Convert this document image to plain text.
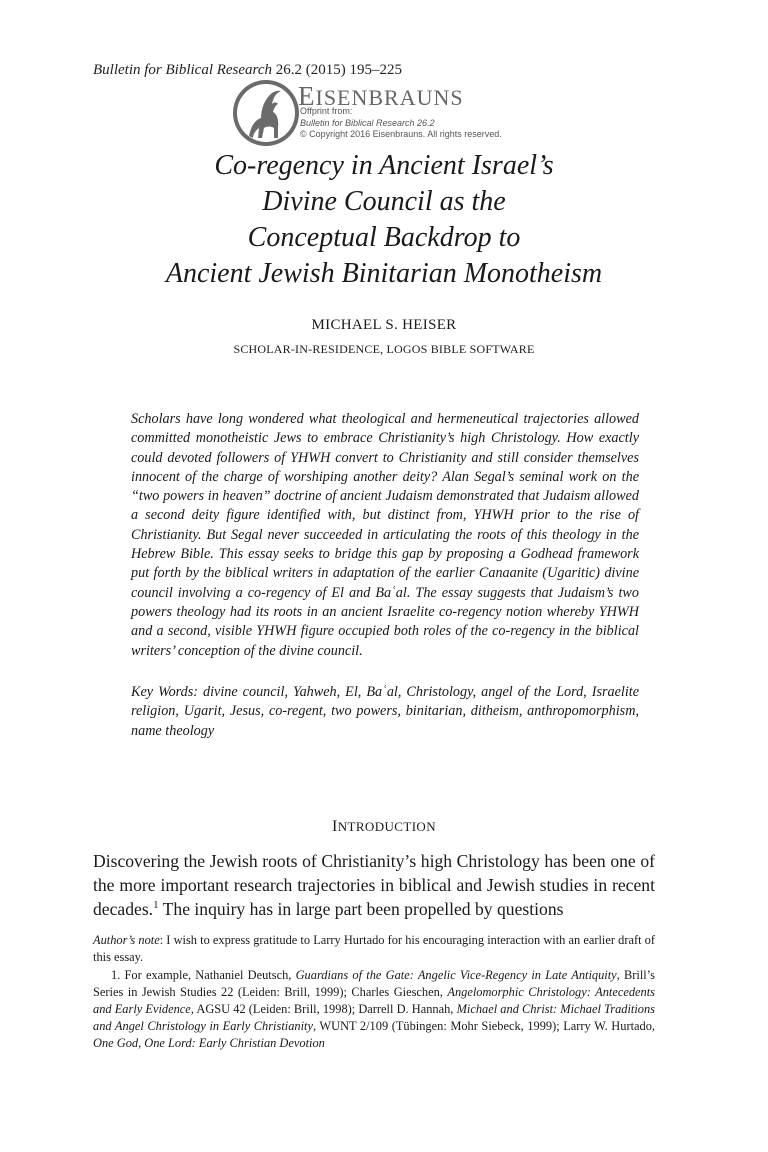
Bulletin for Biblical Research 26.2 (2015) 195–225
EISENBRAUNS
Offprint from:
Bulletin for Biblical Research 26.2
© Copyright 2016 Eisenbrauns. All rights reserved.
Co-regency in Ancient Israel’s
Divine Council as the
Conceptual Backdrop to
Ancient Jewish Binitarian Monotheism
MICHAEL S. HEISER
SCHOLAR-IN-RESIDENCE, LOGOS BIBLE SOFTWARE

Scholars have long wondered what theological and hermeneutical trajectories allowed committed monotheistic Jews to embrace Christianity’s high Christology. How exactly could devoted followers of YHWH convert to Christianity and still consider themselves innocent of the charge of worshiping another deity? Alan Segal’s seminal work on the “two powers in heaven” doctrine of ancient Judaism demonstrated that Judaism allowed a second deity figure identified with, but distinct from, YHWH prior to the rise of Christianity. But Segal never succeeded in articulating the roots of this theology in the Hebrew Bible. This essay seeks to bridge this gap by proposing a Godhead framework put forth by the biblical writers in adaptation of the earlier Canaanite (Ugaritic) divine council involving a co-regency of El and Baʿal. The essay suggests that Judaism’s two powers theology had its roots in an ancient Israelite co-regency notion whereby YHWH and a second, visible YHWH figure occupied both roles of the co-regency in the biblical writers’ conception of the divine council.

Key Words: divine council, Yahweh, El, Baʿal, Christology, angel of the Lord, Israelite religion, Ugarit, Jesus, co-regent, two powers, binitarian, ditheism, anthropomorphism, name theology

INTRODUCTION

Discovering the Jewish roots of Christianity’s high Christology has been one of the more important research trajectories in biblical and Jewish studies in recent decades.$^1$ The inquiry has in large part been propelled by questions

Author’s note: I wish to express gratitude to Larry Hurtado for his encouraging interaction with an earlier draft of this essay.

1. For example, Nathaniel Deutsch, Guardians of the Gate: Angelic Vice-Regency in Late Antiquity, Brill’s Series in Jewish Studies 22 (Leiden: Brill, 1999); Charles Gieschen, Angelomorphic Christology: Antecedents and Early Evidence, AGSU 42 (Leiden: Brill, 1998); Darrell D. Hannah, Michael and Christ: Michael Traditions and Angel Christology in Early Christianity, WUNT 2/109 (Tübingen: Mohr Siebeck, 1999); Larry W. Hurtado, One God, One Lord: Early Christian Devotion
